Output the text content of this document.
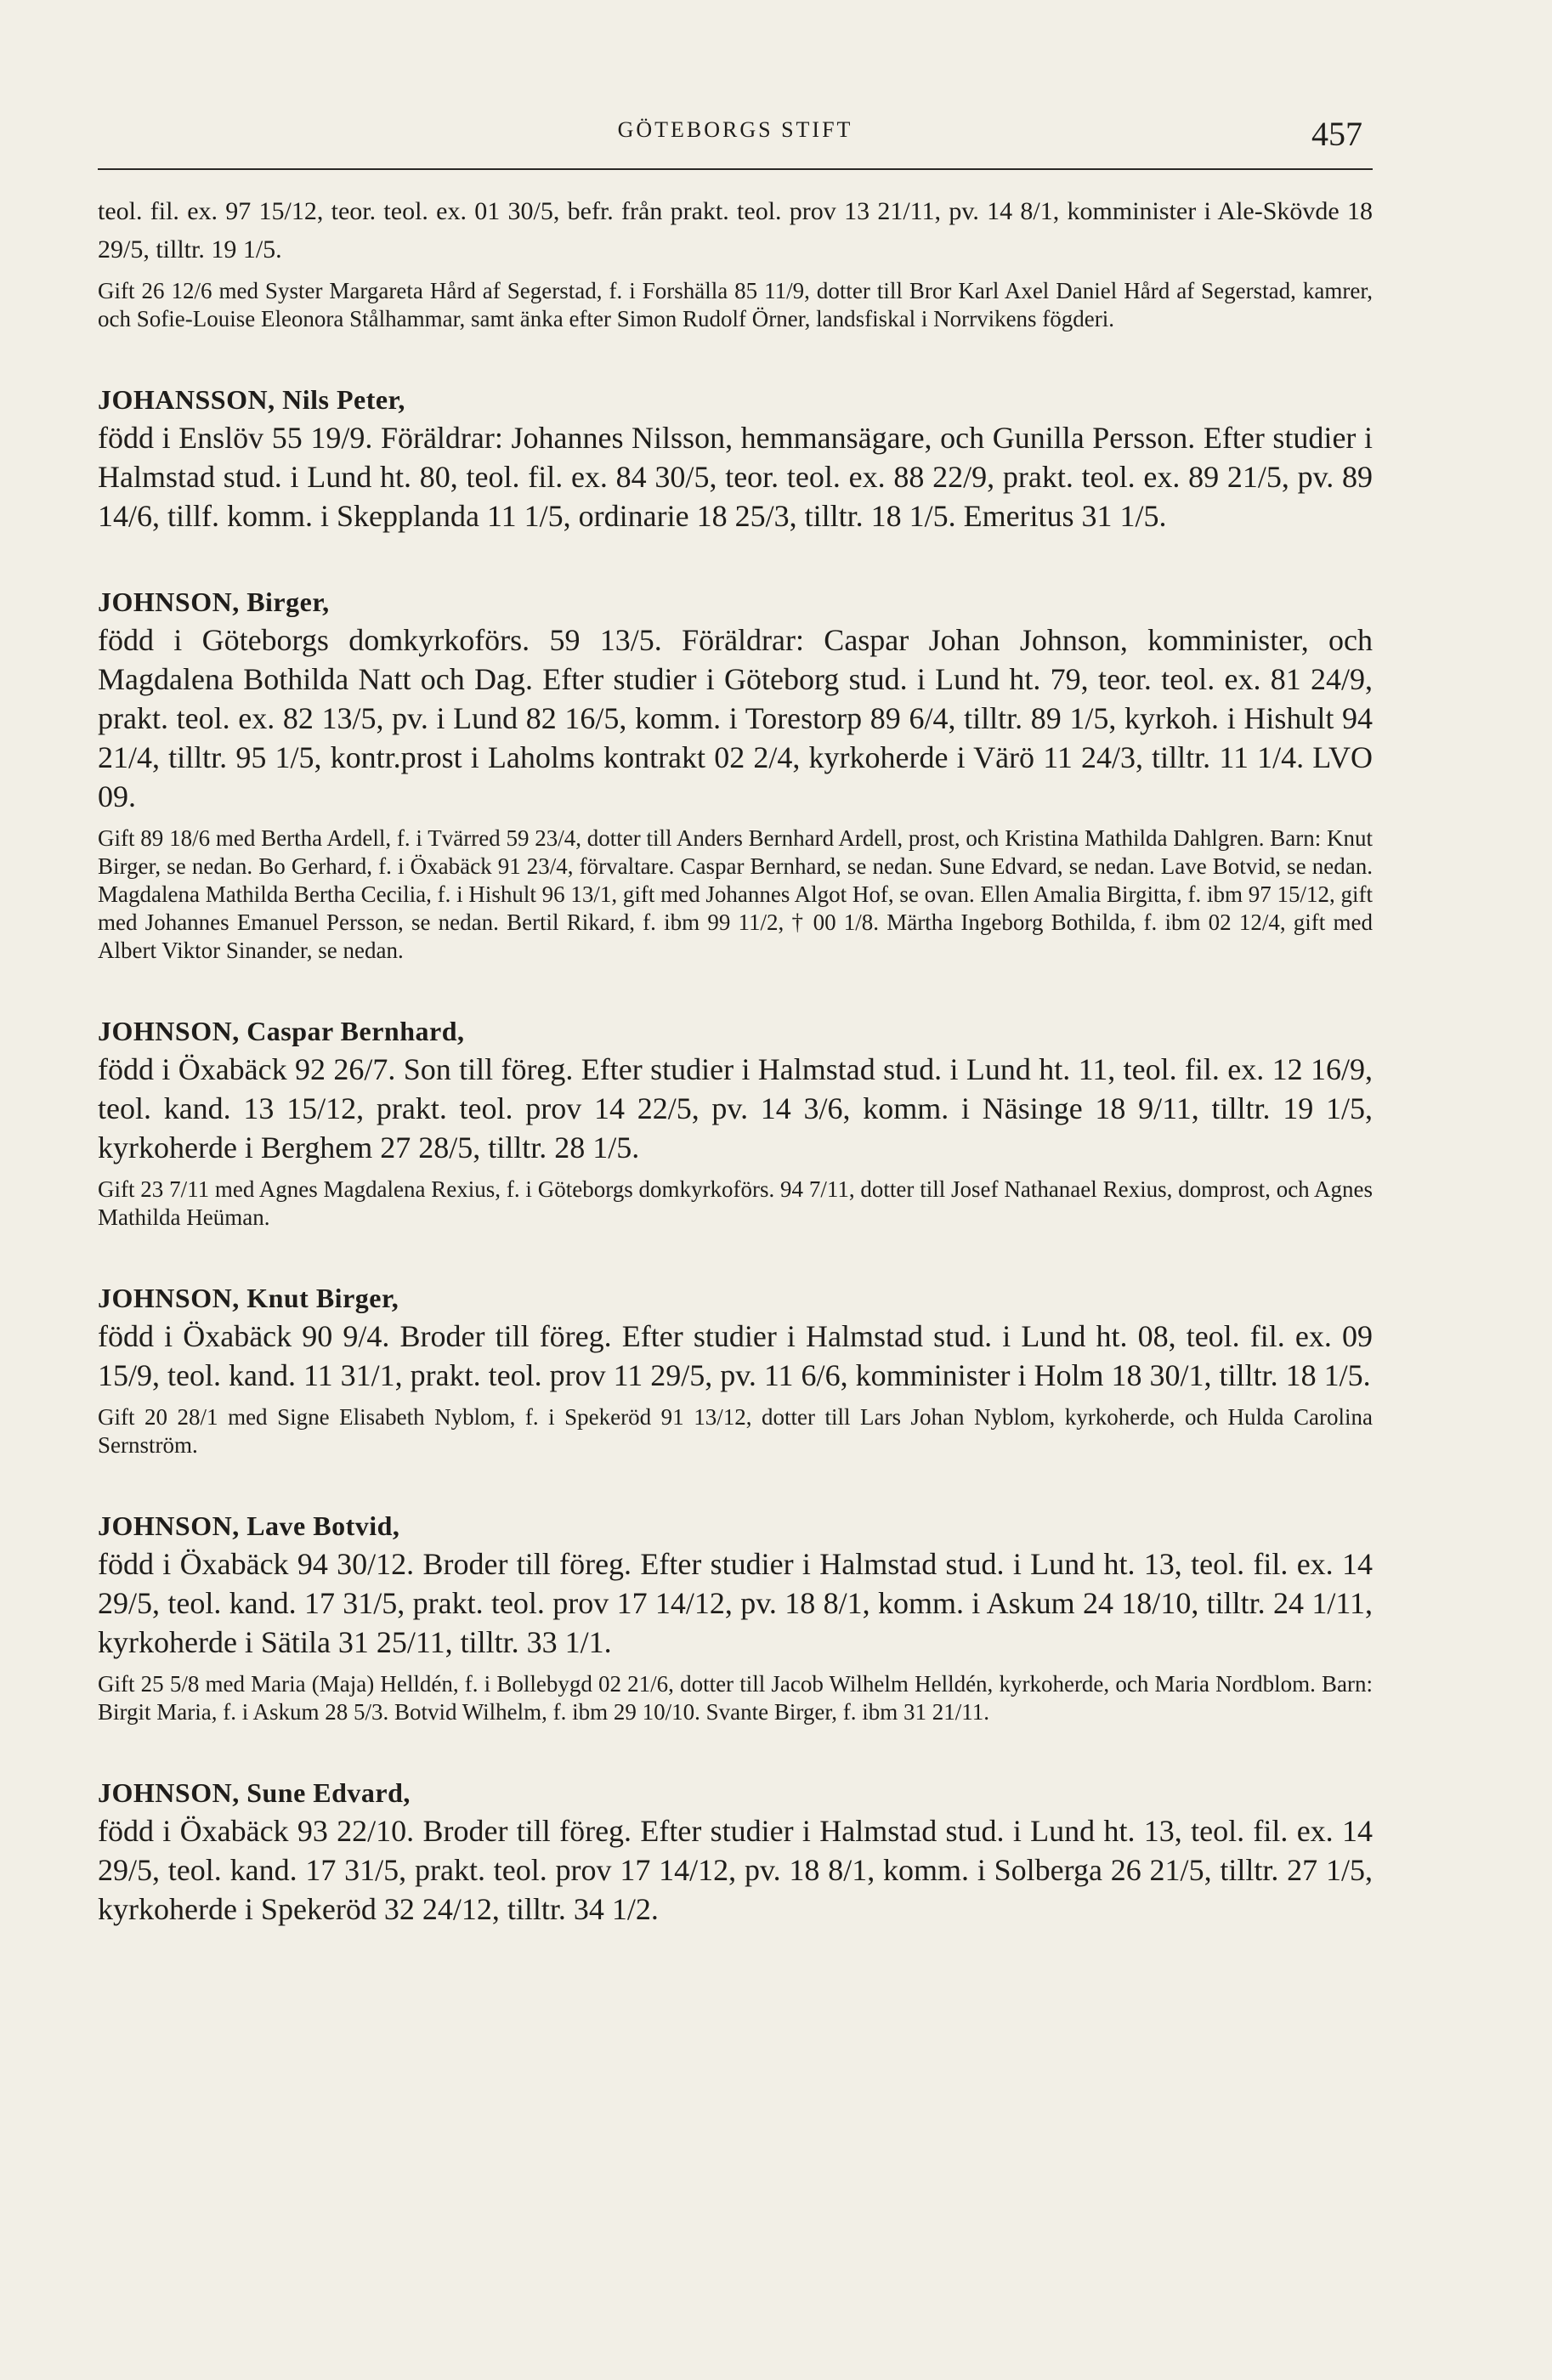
GÖTEBORGS STIFT	457

teol. fil. ex. 97 15/12, teor. teol. ex. 01 30/5, befr. från prakt. teol. prov 13 21/11, pv. 14 8/1, komminister i Ale-Skövde 18 29/5, tilltr. 19 1/5.

Gift 26 12/6 med Syster Margareta Hård af Segerstad, f. i Forshälla 85 11/9, dotter till Bror Karl Axel Daniel Hård af Segerstad, kamrer, och Sofie-Louise Eleonora Stålhammar, samt änka efter Simon Rudolf Örner, landsfiskal i Norrvikens fögderi.

JOHANSSON, Nils Peter,

född i Enslöv 55 19/9. Föräldrar: Johannes Nilsson, hemmansägare, och Gunilla Persson. Efter studier i Halmstad stud. i Lund ht. 80, teol. fil. ex. 84 30/5, teor. teol. ex. 88 22/9, prakt. teol. ex. 89 21/5, pv. 89 14/6, tillf. komm. i Skepplanda 11 1/5, ordinarie 18 25/3, tilltr. 18 1/5. Emeritus 31 1/5.

JOHNSON, Birger,

född i Göteborgs domkyrkoförs. 59 13/5. Föräldrar: Caspar Johan Johnson, komminister, och Magdalena Bothilda Natt och Dag. Efter studier i Göteborg stud. i Lund ht. 79, teor. teol. ex. 81 24/9, prakt. teol. ex. 82 13/5, pv. i Lund 82 16/5, komm. i Torestorp 89 6/4, tilltr. 89 1/5, kyrkoh. i Hishult 94 21/4, tilltr. 95 1/5, kontr.prost i Laholms kontrakt 02 2/4, kyrkoherde i Värö 11 24/3, tilltr. 11 1/4. LVO 09.

Gift 89 18/6 med Bertha Ardell, f. i Tvärred 59 23/4, dotter till Anders Bernhard Ardell, prost, och Kristina Mathilda Dahlgren. Barn: Knut Birger, se nedan. Bo Gerhard, f. i Öxabäck 91 23/4, förvaltare. Caspar Bernhard, se nedan. Sune Edvard, se nedan. Lave Botvid, se nedan. Magdalena Mathilda Bertha Cecilia, f. i Hishult 96 13/1, gift med Johannes Algot Hof, se ovan. Ellen Amalia Birgitta, f. ibm 97 15/12, gift med Johannes Emanuel Persson, se nedan. Bertil Rikard, f. ibm 99 11/2, † 00 1/8. Märtha Ingeborg Bothilda, f. ibm 02 12/4, gift med Albert Viktor Sinander, se nedan.

JOHNSON, Caspar Bernhard,

född i Öxabäck 92 26/7. Son till föreg. Efter studier i Halmstad stud. i Lund ht. 11, teol. fil. ex. 12 16/9, teol. kand. 13 15/12, prakt. teol. prov 14 22/5, pv. 14 3/6, komm. i Näsinge 18 9/11, tilltr. 19 1/5, kyrkoherde i Berghem 27 28/5, tilltr. 28 1/5.

Gift 23 7/11 med Agnes Magdalena Rexius, f. i Göteborgs domkyrkoförs. 94 7/11, dotter till Josef Nathanael Rexius, domprost, och Agnes Mathilda Heüman.

JOHNSON, Knut Birger,

född i Öxabäck 90 9/4. Broder till föreg. Efter studier i Halmstad stud. i Lund ht. 08, teol. fil. ex. 09 15/9, teol. kand. 11 31/1, prakt. teol. prov 11 29/5, pv. 11 6/6, komminister i Holm 18 30/1, tilltr. 18 1/5.

Gift 20 28/1 med Signe Elisabeth Nyblom, f. i Spekeröd 91 13/12, dotter till Lars Johan Nyblom, kyrkoherde, och Hulda Carolina Sernström.

JOHNSON, Lave Botvid,

född i Öxabäck 94 30/12. Broder till föreg. Efter studier i Halmstad stud. i Lund ht. 13, teol. fil. ex. 14 29/5, teol. kand. 17 31/5, prakt. teol. prov 17 14/12, pv. 18 8/1, komm. i Askum 24 18/10, tilltr. 24 1/11, kyrkoherde i Sätila 31 25/11, tilltr. 33 1/1.

Gift 25 5/8 med Maria (Maja) Helldén, f. i Bollebygd 02 21/6, dotter till Jacob Wilhelm Helldén, kyrkoherde, och Maria Nordblom. Barn: Birgit Maria, f. i Askum 28 5/3. Botvid Wilhelm, f. ibm 29 10/10. Svante Birger, f. ibm 31 21/11.

JOHNSON, Sune Edvard,

född i Öxabäck 93 22/10. Broder till föreg. Efter studier i Halmstad stud. i Lund ht. 13, teol. fil. ex. 14 29/5, teol. kand. 17 31/5, prakt. teol. prov 17 14/12, pv. 18 8/1, komm. i Solberga 26 21/5, tilltr. 27 1/5, kyrkoherde i Spekeröd 32 24/12, tilltr. 34 1/2.
